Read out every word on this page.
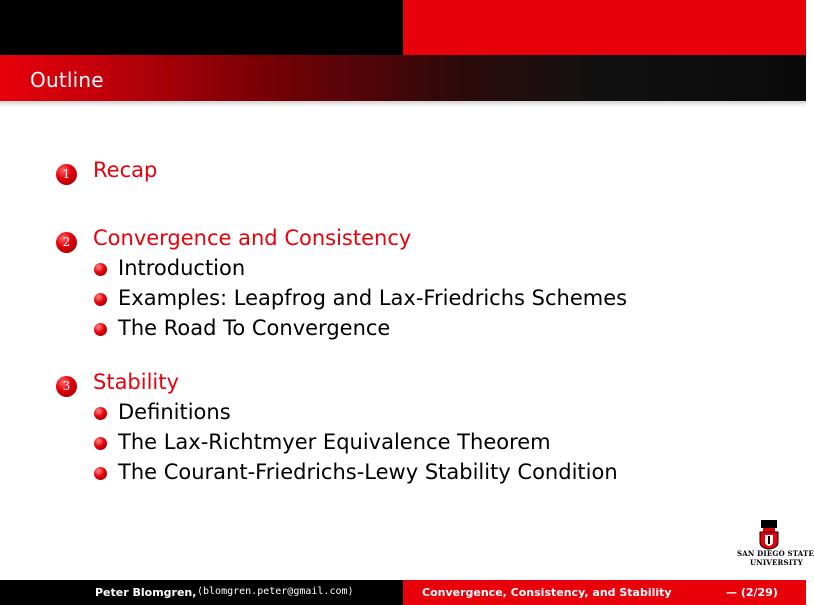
Outline
1	Recap
2	Convergence and Consistency
Introduction
Examples: Leapfrog and Lax-Friedrichs Schemes
The Road To Convergence
3	Stability
Definitions
The Lax-Richtmyer Equivalence Theorem
The Courant-Friedrichs-Lewy Stability Condition
SAN DIEGO STATE
UNIVERSITY
Peter Blomgren, ⟨blomgren.peter@gmail.com⟩	Convergence, Consistency, and Stability	— (2/29)
